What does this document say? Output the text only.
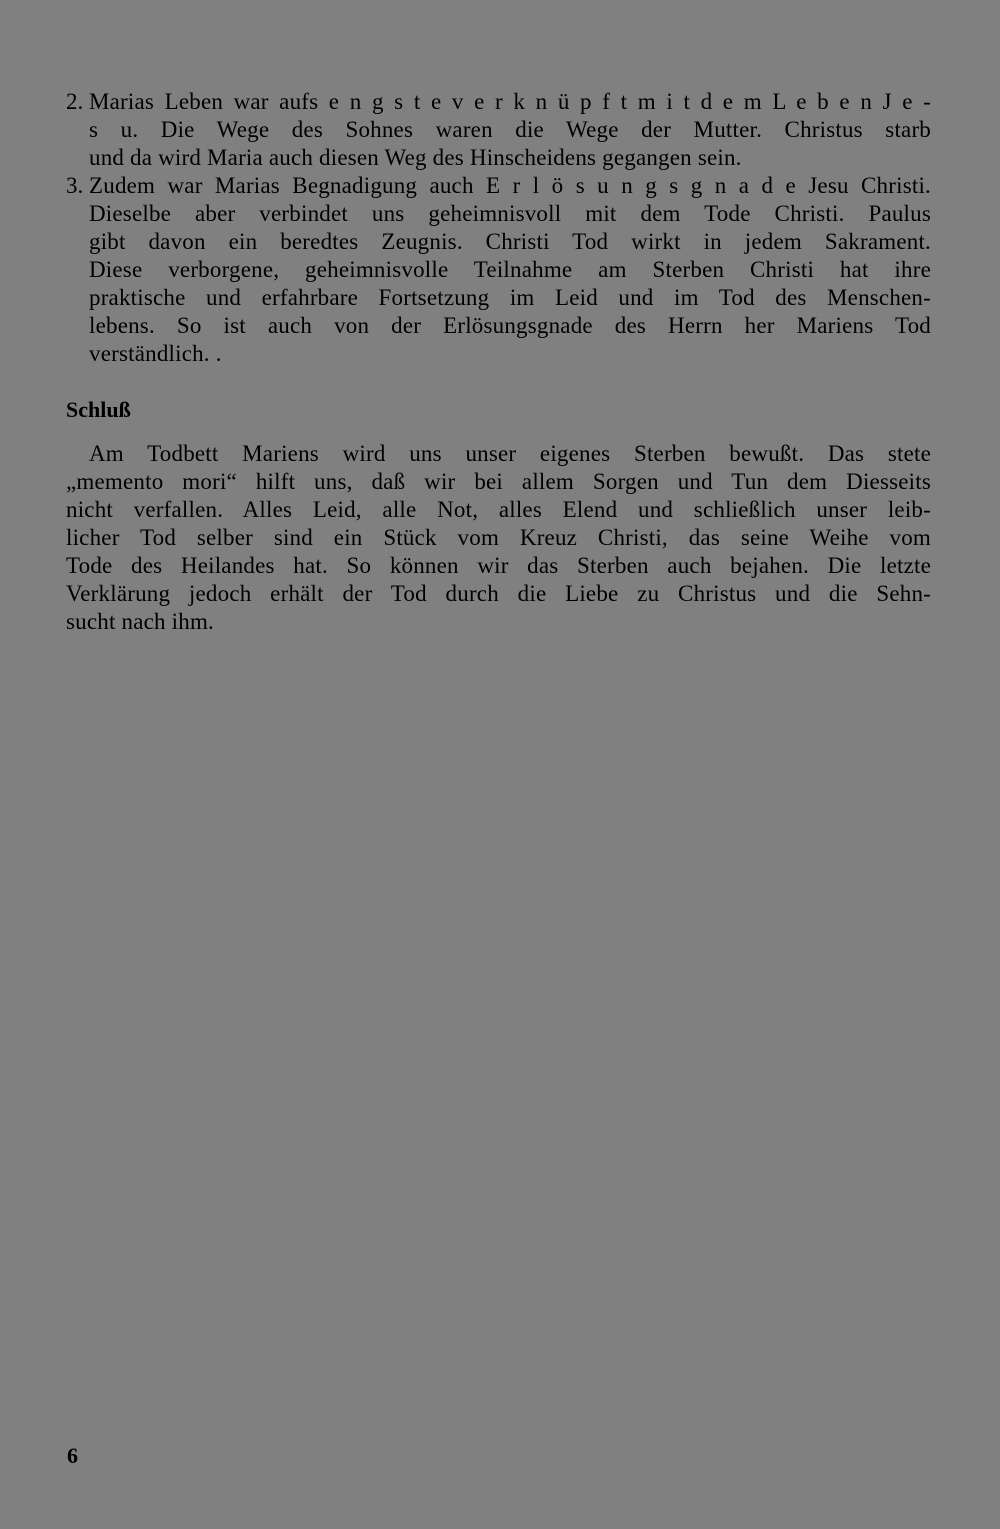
2. Marias Leben war aufs e n g s t e v e r k n ü p f t m i t d e m L e b e n J e -
s u. Die Wege des Sohnes waren die Wege der Mutter. Christus starb
und da wird Maria auch diesen Weg des Hinscheidens gegangen sein.
3. Zudem war Marias Begnadigung auch E r l ö s u n g s g n a d e Jesu Christi.
Dieselbe aber verbindet uns geheimnisvoll mit dem Tode Christi. Paulus
gibt davon ein beredtes Zeugnis. Christi Tod wirkt in jedem Sakrament.
Diese verborgene, geheimnisvolle Teilnahme am Sterben Christi hat ihre
praktische und erfahrbare Fortsetzung im Leid und im Tod des Menschen-
lebens. So ist auch von der Erlösungsgnade des Herrn her Mariens Tod
verständlich. .
Schluß
Am Todbett Mariens wird uns unser eigenes Sterben bewußt. Das stete
„memento mori“ hilft uns, daß wir bei allem Sorgen und Tun dem Diesseits
nicht verfallen. Alles Leid, alle Not, alles Elend und schließlich unser leib-
licher Tod selber sind ein Stück vom Kreuz Christi, das seine Weihe vom
Tode des Heilandes hat. So können wir das Sterben auch bejahen. Die letzte
Verklärung jedoch erhält der Tod durch die Liebe zu Christus und die Sehn-
sucht nach ihm.
6
